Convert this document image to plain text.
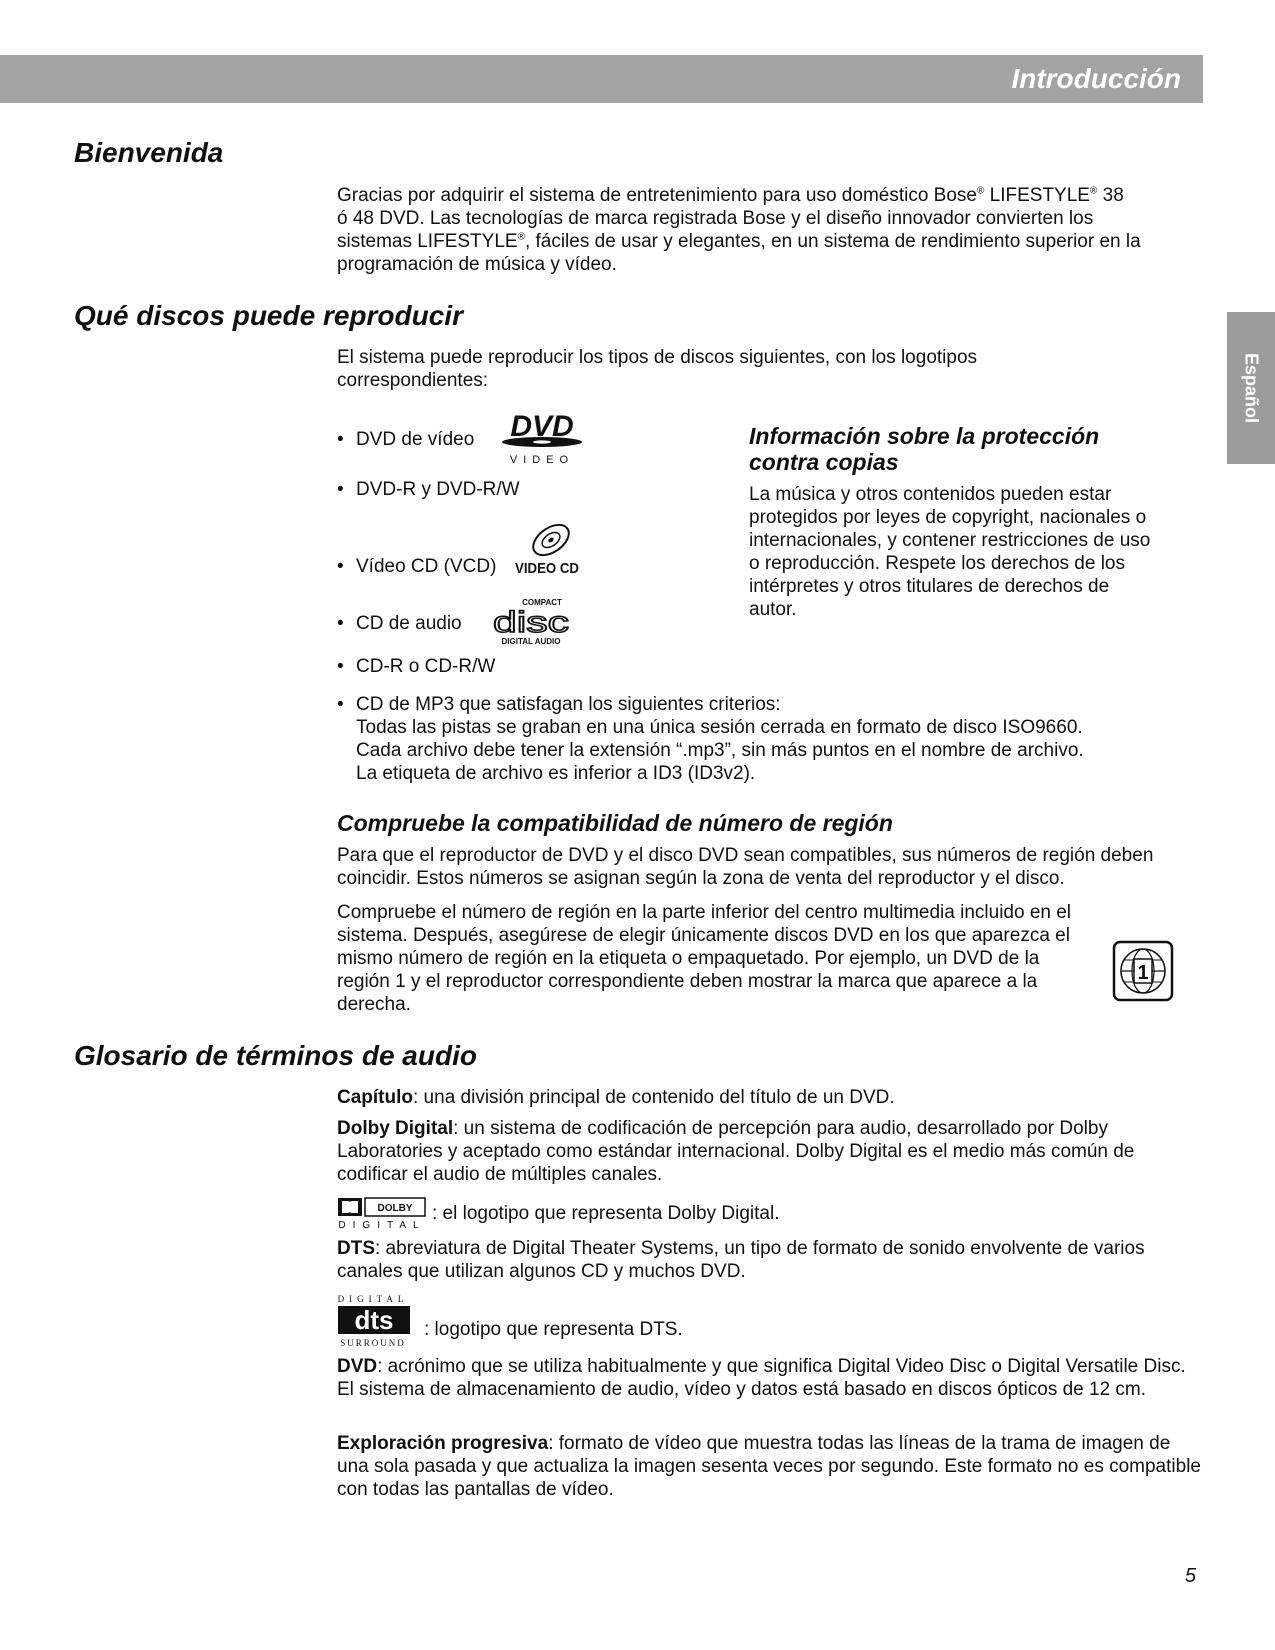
Introducción
Español
Bienvenida
Gracias por adquirir el sistema de entretenimiento para uso doméstico Bose® LIFESTYLE® 38
ó 48 DVD. Las tecnologías de marca registrada Bose y el diseño innovador convierten los
sistemas LIFESTYLE®, fáciles de usar y elegantes, en un sistema de rendimiento superior en la
programación de música y vídeo.
Qué discos puede reproducir

El sistema puede reproducir los tipos de discos siguientes, con los logotipos correspondientes:

• DVD de vídeo
• DVD-R y DVD-R/W
• Vídeo CD (VCD)
• CD de audio
• CD-R o CD-R/W
• CD de MP3 que satisfagan los siguientes criterios:
Todas las pistas se graban en una única sesión cerrada en formato de disco ISO9660.
Cada archivo debe tener la extensión “.mp3”, sin más puntos en el nombre de archivo.
La etiqueta de archivo es inferior a ID3 (ID3v2).
DVD
VIDEO
VIDEO CD
COMPACT
disc
DIGITAL AUDIO
Información sobre la protección contra copias

La música y otros contenidos pueden estar protegidos por leyes de copyright, nacionales o internacionales, y contener restricciones de uso o reproducción. Respete los derechos de los intérpretes y otros titulares de derechos de autor.

Compruebe la compatibilidad de número de región

Para que el reproductor de DVD y el disco DVD sean compatibles, sus números de región deben coincidir. Estos números se asignan según la zona de venta del reproductor y el disco.

Compruebe el número de región en la parte inferior del centro multimedia incluido en el sistema. Después, asegúrese de elegir únicamente discos DVD en los que aparezca el mismo número de región en la etiqueta o empaquetado. Por ejemplo, un DVD de la región 1 y el reproductor correspondiente deben mostrar la marca que aparece a la derecha.

1
Glosario de términos de audio

Capítulo: una división principal de contenido del título de un DVD.

Dolby Digital: un sistema de codificación de percepción para audio, desarrollado por Dolby Laboratories y aceptado como estándar internacional. Dolby Digital es el medio más común de codificar el audio de múltiples canales.

DOLBY
DIGITAL
: el logotipo que representa Dolby Digital.

DTS: abreviatura de Digital Theater Systems, un tipo de formato de sonido envolvente de varios canales que utilizan algunos CD y muchos DVD.

DIGITAL
dts
SURROUND
: logotipo que representa DTS.

DVD: acrónimo que se utiliza habitualmente y que significa Digital Video Disc o Digital Versatile Disc. El sistema de almacenamiento de audio, vídeo y datos está basado en discos ópticos de 12 cm.

Exploración progresiva: formato de vídeo que muestra todas las líneas de la trama de imagen de una sola pasada y que actualiza la imagen sesenta veces por segundo. Este formato no es compatible con todas las pantallas de vídeo.

5
